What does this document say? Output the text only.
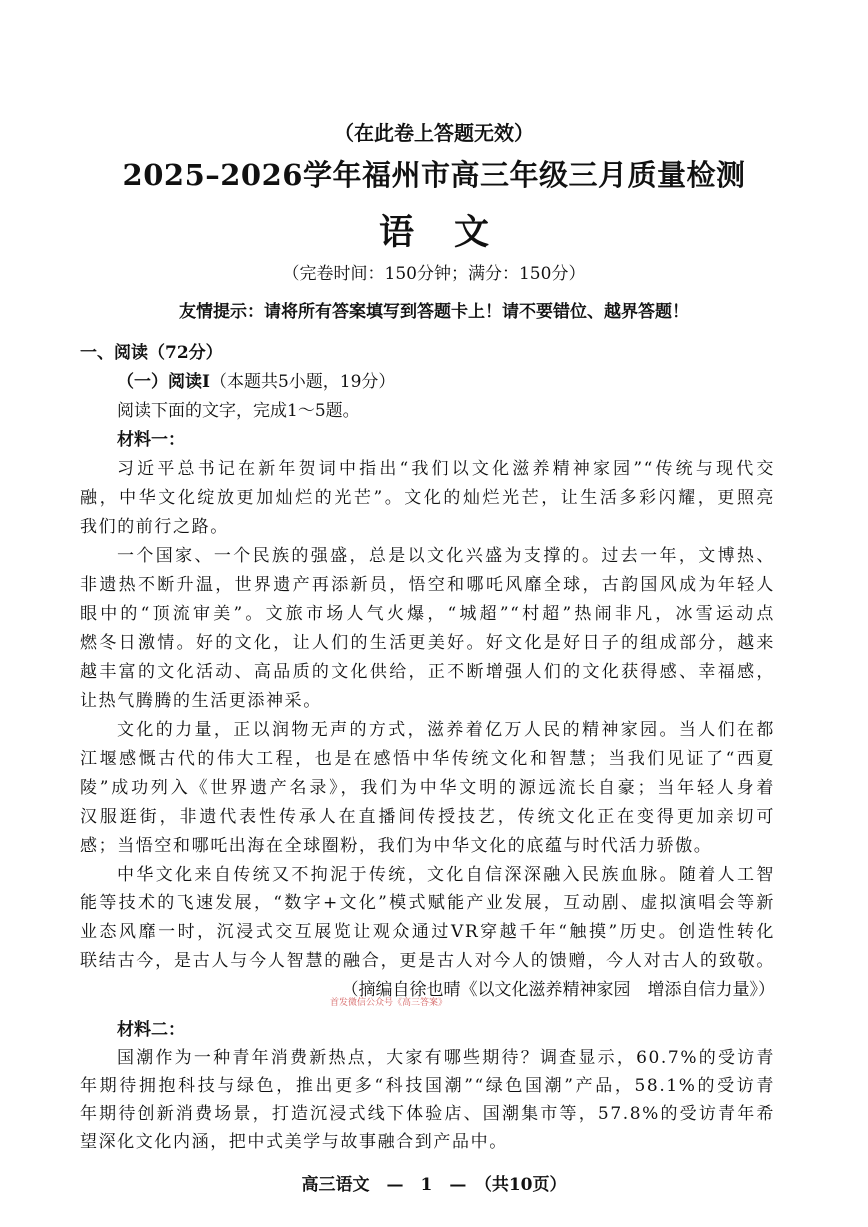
（在此卷上答题无效）
2025–2026学年福州市高三年级三月质量检测
语文
（完卷时间：150分钟；满分：150分）
友情提示：请将所有答案填写到答题卡上！请不要错位、越界答题！
一、阅读（72分）
（一）阅读Ⅰ（本题共5小题，19分）
阅读下面的文字，完成1～5题。
材料一：
习近平总书记在新年贺词中指出“我们以文化滋养精神家园”“传统与现代交
融，中华文化绽放更加灿烂的光芒”。文化的灿烂光芒，让生活多彩闪耀，更照亮
我们的前行之路。
一个国家、一个民族的强盛，总是以文化兴盛为支撑的。过去一年，文博热、
非遗热不断升温，世界遗产再添新员，悟空和哪吒风靡全球，古韵国风成为年轻人
眼中的“顶流审美”。文旅市场人气火爆，“城超”“村超”热闹非凡，冰雪运动点
燃冬日激情。好的文化，让人们的生活更美好。好文化是好日子的组成部分，越来
越丰富的文化活动、高品质的文化供给，正不断增强人们的文化获得感、幸福感，
让热气腾腾的生活更添神采。
文化的力量，正以润物无声的方式，滋养着亿万人民的精神家园。当人们在都
江堰感慨古代的伟大工程，也是在感悟中华传统文化和智慧；当我们见证了“西夏
陵”成功列入《世界遗产名录》，我们为中华文明的源远流长自豪；当年轻人身着
汉服逛街，非遗代表性传承人在直播间传授技艺，传统文化正在变得更加亲切可
感；当悟空和哪吒出海在全球圈粉，我们为中华文化的底蕴与时代活力骄傲。
中华文化来自传统又不拘泥于传统，文化自信深深融入民族血脉。随着人工智
能等技术的飞速发展，“数字+文化”模式赋能产业发展，互动剧、虚拟演唱会等新
业态风靡一时，沉浸式交互展览让观众通过VR穿越千年“触摸”历史。创造性转化
联结古今，是古人与今人智慧的融合，更是古人对今人的馈赠，今人对古人的致敬。
（摘编自徐也晴《以文化滋养精神家园　增添自信力量》）
首发微信公众号《高三答案》
材料二：
国潮作为一种青年消费新热点，大家有哪些期待？调查显示，60.7%的受访青
年期待拥抱科技与绿色，推出更多“科技国潮”“绿色国潮”产品，58.1%的受访青
年期待创新消费场景，打造沉浸式线下体验店、国潮集市等，57.8%的受访青年希
望深化文化内涵，把中式美学与故事融合到产品中。
高三语文　—　1　—　（共10页）
